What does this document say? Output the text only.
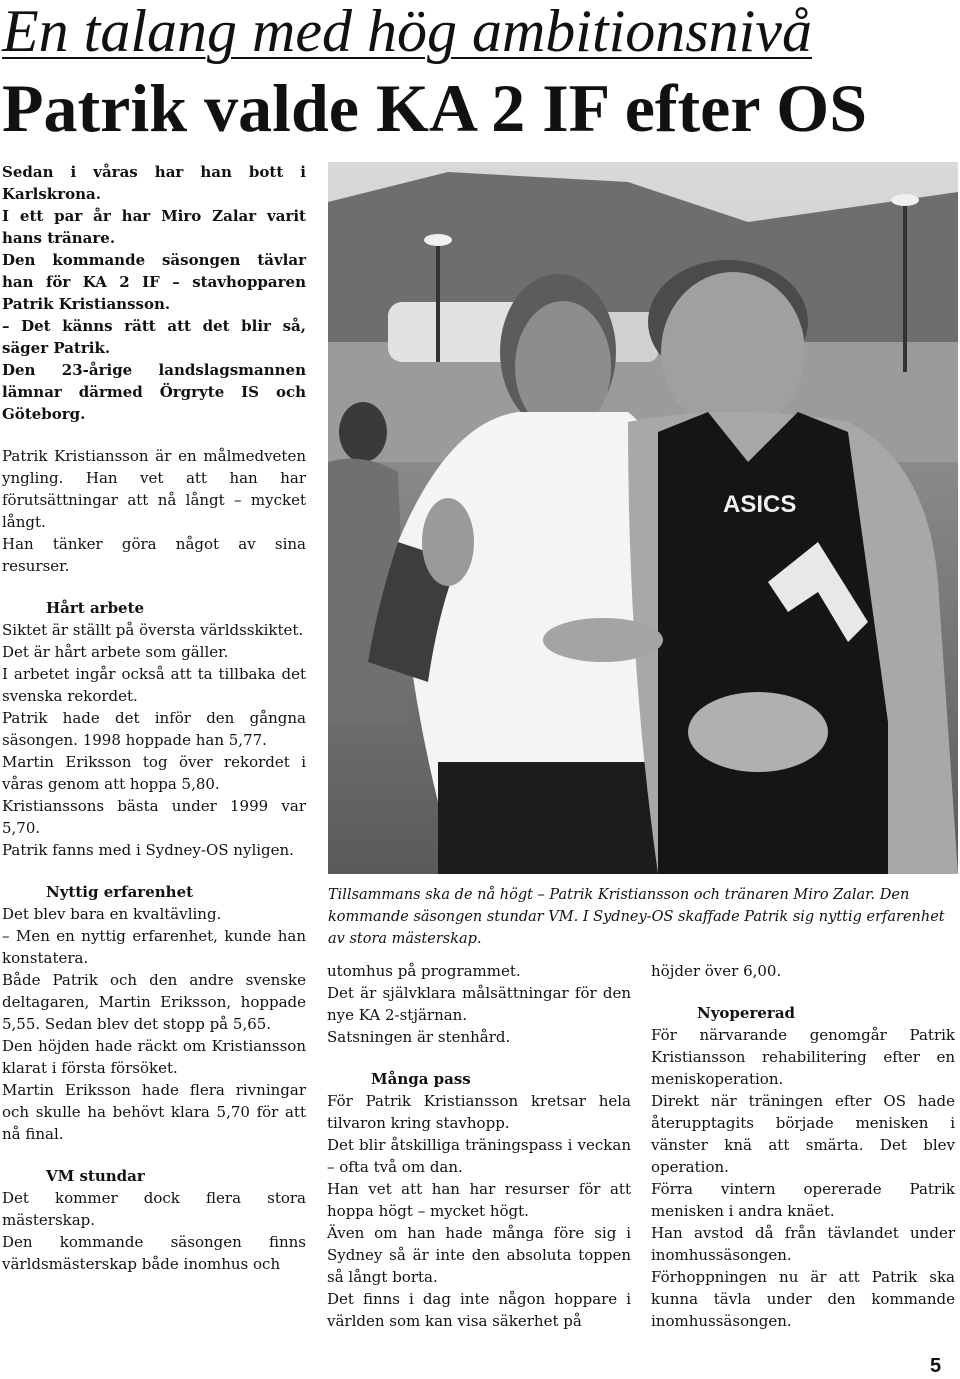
En talang med hög ambitionsnivå
Patrik valde KA 2 IF efter OS

Sedan i våras har han bott i Karlskrona.

I ett par år har Miro Zalar varit hans tränare.

Den kommande säsongen tävlar han för KA 2 IF – stavhopparen Patrik Kristiansson.

– Det känns rätt att det blir så, säger Patrik.

Den 23-årige landslagsmannen lämnar därmed Örgryte IS och Göteborg.

Patrik Kristiansson är en målmedveten yngling. Han vet att han har förutsättningar att nå långt – mycket långt.

Han tänker göra något av sina resurser.

Hårt arbete

Siktet är ställt på översta världsskiktet.

Det är hårt arbete som gäller.

I arbetet ingår också att ta tillbaka det svenska rekordet.

Patrik hade det inför den gångna säsongen. 1998 hoppade han 5,77.

Martin Eriksson tog över rekordet i våras genom att hoppa 5,80.

Kristianssons bästa under 1999 var 5,70.

Patrik fanns med i Sydney-OS nyligen.

Nyttig erfarenhet

Det blev bara en kvaltävling.

– Men en nyttig erfarenhet, kunde han konstatera.

Både Patrik och den andre svenske deltagaren, Martin Eriksson, hoppade 5,55. Sedan blev det stopp på 5,65.

Den höjden hade räckt om Kristiansson klarat i första försöket.

Martin Eriksson hade flera rivningar och skulle ha behövt klara 5,70 för att nå final.

VM stundar

Det kommer dock flera stora mästerskap.

Den kommande säsongen finns världsmästerskap både inomhus och

ASICS
Tillsammans ska de nå högt – Patrik Kristiansson och tränaren Miro Zalar. Den kommande säsongen stundar VM. I Sydney-OS skaffade Patrik sig nyttig erfarenhet av stora mästerskap.

utomhus på programmet.

Det är självklara målsättningar för den nye KA 2-stjärnan.

Satsningen är stenhård.

Många pass

För Patrik Kristiansson kretsar hela tilvaron kring stavhopp.

Det blir åtskilliga träningspass i veckan – ofta två om dan.

Han vet att han har resurser för att hoppa högt – mycket högt.

Även om han hade många före sig i Sydney så är inte den absoluta toppen så långt borta.

Det finns i dag inte någon hoppare i världen som kan visa säkerhet på

höjder över 6,00.

Nyopererad

För närvarande genomgår Patrik Kristiansson rehabilitering efter en meniskoperation.

Direkt när träningen efter OS hade återupptagits började menisken i vänster knä att smärta. Det blev operation.

Förra vintern opererade Patrik menisken i andra knäet.

Han avstod då från tävlandet under inomhussäsongen.

Förhoppningen nu är att Patrik ska kunna tävla under den kommande inomhussäsongen.

5
